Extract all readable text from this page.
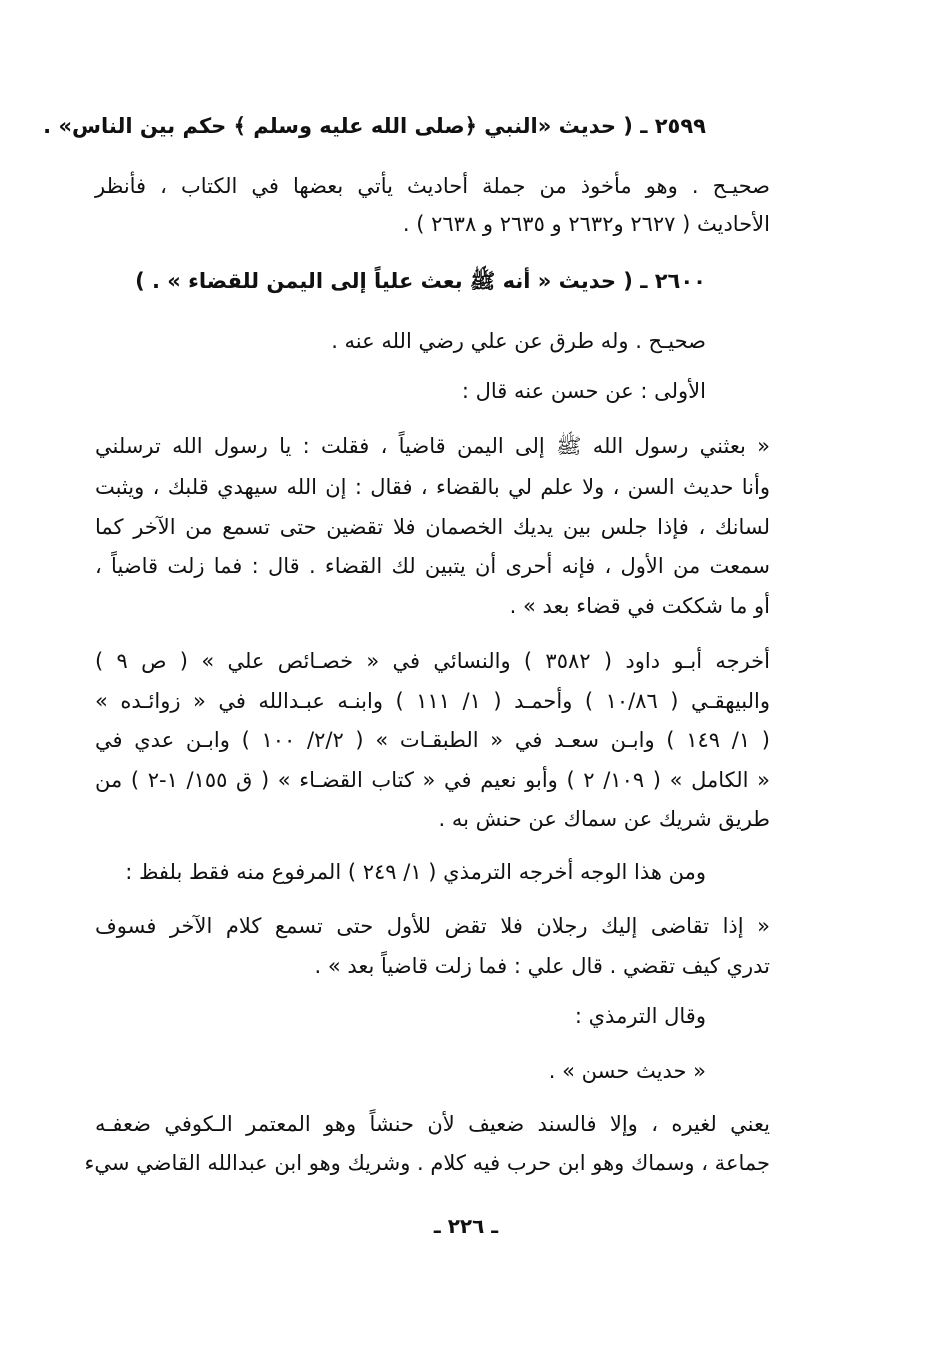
٢٥٩٩ ـ ( حديث «النبي ﴿صلى الله عليه وسلم ﴾ حكم بين الناس» .
صحيـح . وهو مأخوذ من جملة أحاديث يأتي بعضها في الكتاب ، فأنظر
الأحاديث ( ٢٦٢٧ و٢٦٣٢ و ٢٦٣٥ و ٢٦٣٨ ) .
٢٦٠٠ ـ ( حديث « أنه ﷺ بعث علياً إلى اليمن للقضاء » . )
صحيـح . وله طرق عن علي رضي الله عنه .
الأولى : عن حسن عنه قال :
« بعثني رسول الله ﷺ إلى اليمن قاضياً ، فقلت : يا رسول الله ترسلني
وأنا حديث السن ، ولا علم لي بالقضاء ، فقال : إن الله سيهدي قلبك ، ويثبت
لسانك ، فإذا جلس بين يديك الخصمان فلا تقضين حتى تسمع من الآخر كما
سمعت من الأول ، فإنه أحرى أن يتبين لك القضاء . قال : فما زلت قاضياً ،
أو ما شككت في قضاء بعد » .
أخرجه أبـو داود ( ٣٥٨٢ ) والنسائي في « خصـائص علي » ( ص ٩ )
والبيهقـي ( ١٠/٨٦ ) وأحمـد ( ١/ ١١١ ) وابنـه عبـدالله في « زوائـده »
( ١/ ١٤٩ ) وابـن سعـد في « الطبقـات » ( ٢/٢/ ١٠٠ ) وابـن عدي في
« الكامل » ( ١٠٩/ ٢ ) وأبو نعيم في « كتاب القضـاء » ( ق ١٥٥/ ١-٢ ) من
طريق شريك عن سماك عن حنش به .
ومن هذا الوجه أخرجه الترمذي ( ١/ ٢٤٩ ) المرفوع منه فقط بلفظ :
« إذا تقاضى إليك رجلان فلا تقض للأول حتى تسمع كلام الآخر فسوف
تدري كيف تقضي . قال علي : فما زلت قاضياً بعد » .
وقال الترمذي :
« حديث حسن » .
يعني لغيره ، وإلا فالسند ضعيف لأن حنشاً وهو المعتمر الـكوفي ضعفـه
جماعة ، وسماك وهو ابن حرب فيه كلام . وشريك وهو ابن عبدالله القاضي سيء
ـ ٢٢٦ ـ
